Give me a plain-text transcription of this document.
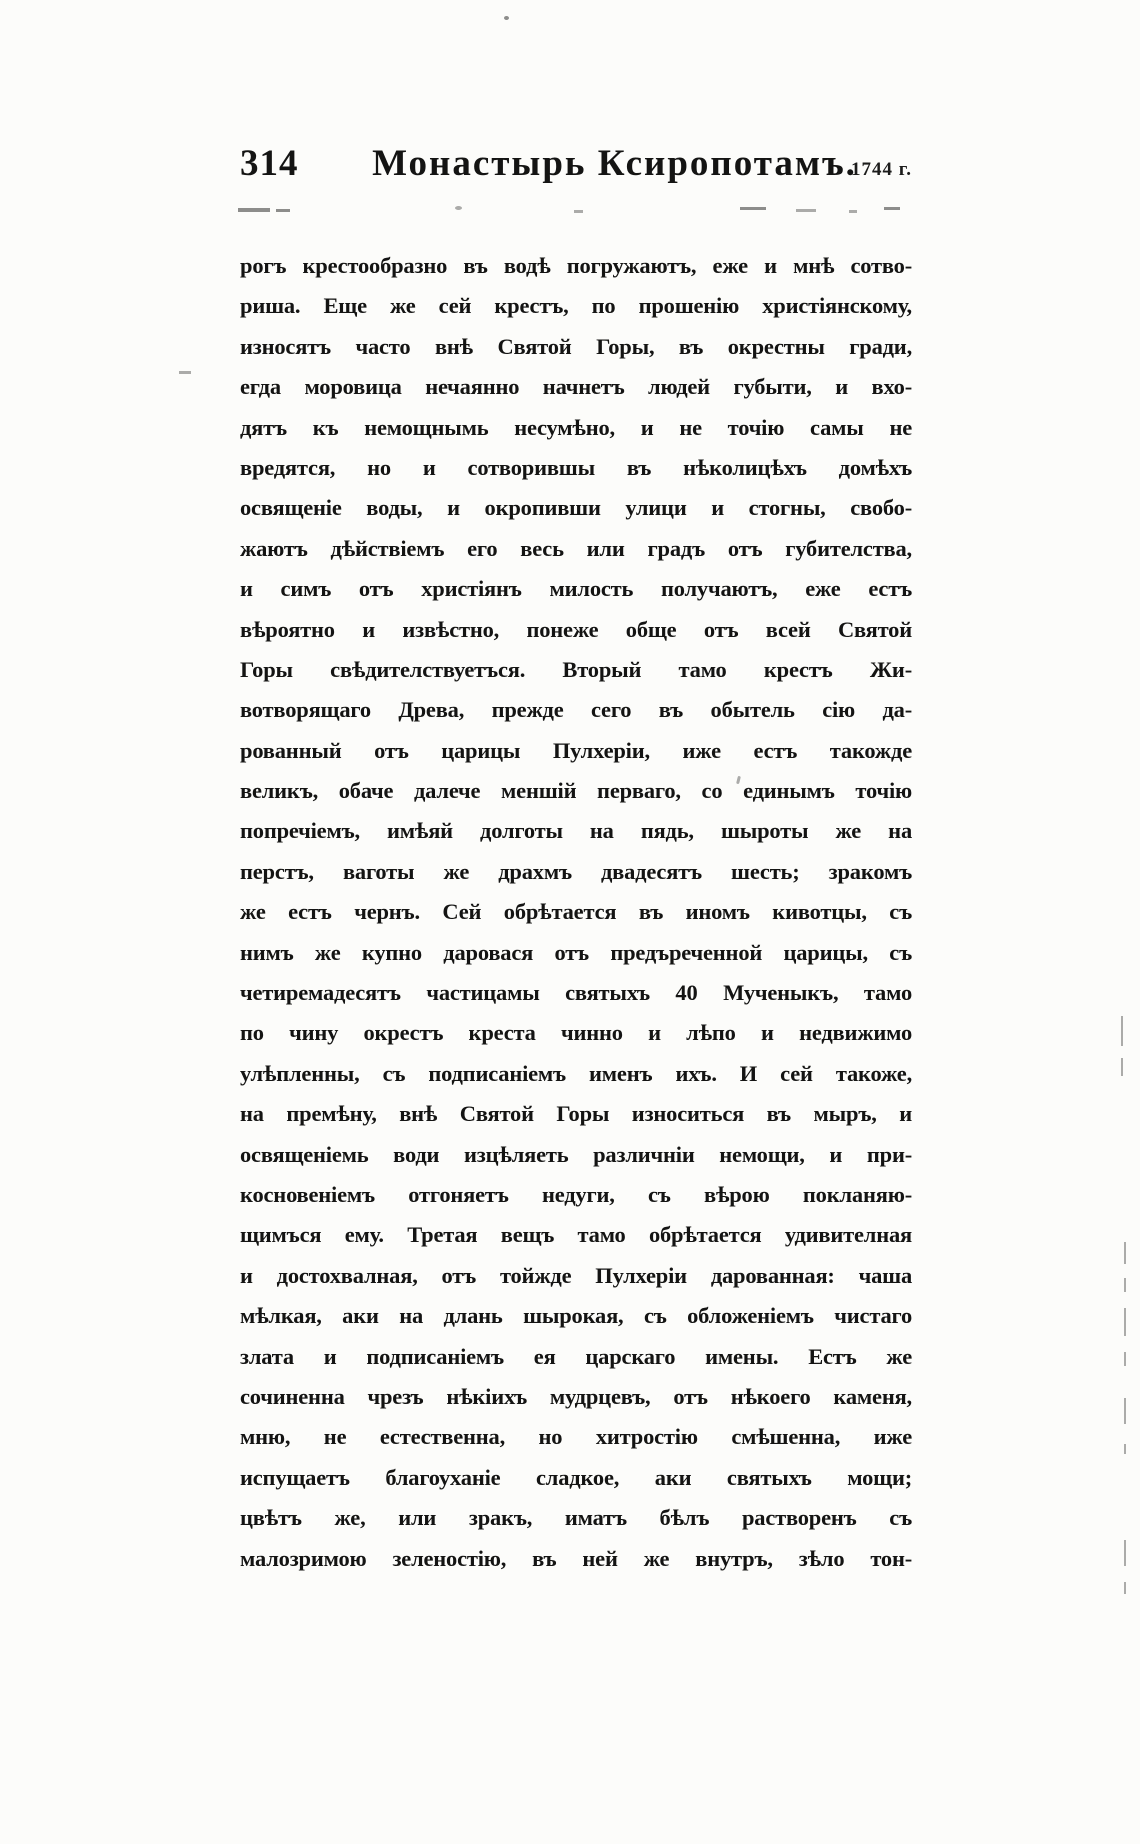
314	Монастырь Ксиропотамъ.
1744 г.
рогъ крестообразно въ водѣ погружаютъ, еже и мнѣ сотво-
риша. Еще же сей крестъ, по прошенію христіянскому,
износятъ часто внѣ Святой Горы, въ окрестны гради,
егда моровица нечаянно начнетъ людей губыти, и вхо-
дятъ къ немощнымь несумѣно, и не точію самы не
вредятся, но и сотворившы въ нѣколицѣхъ домѣхъ
освященіе воды, и окропивши улици и стогны, свобо-
жаютъ дѣйствіемъ его весь или градъ отъ губителства,
и симъ отъ христіянъ милость получаютъ, еже естъ
вѣроятно и извѣстно, понеже обще отъ всей Святой
Горы свѣдителствуетъся. Вторый тамо крестъ Жи-
вотворящаго Древа, прежде сего въ обытель сію да-
рованный отъ царицы Пулхеріи, иже естъ такожде
великъ, обаче далече меншій перваго, со единымъ точію
попречіемъ, имѣяй долготы на пядь, шыроты же на
перстъ, ваготы же драхмъ двадесятъ шесть; зракомъ
же естъ чернъ. Сей обрѣтается въ иномъ кивотцы, съ
нимъ же купно даровася отъ предъреченной царицы, съ
четиремадесятъ частицамы святыхъ 40 Мученыкъ, тамо
по чину окрестъ креста чинно и лѣпо и недвижимо
улѣпленны, съ подписаніемъ именъ ихъ. И сей такоже,
на премѣну, внѣ Святой Горы износиться въ мыръ, и
освященіемь води изцѣляеть различніи немощи, и при-
косновеніемъ отгоняетъ недуги, съ вѣрою покланяю-
щимъся ему. Третая вещъ тамо обрѣтается удивителная
и достохвалная, отъ тойжде Пулхеріи дарованная: чаша
мѣлкая, аки на длань шырокая, съ обложеніемъ чистаго
злата и подписаніемъ ея царскаго имены. Естъ же
сочиненна чрезъ нѣкіихъ мудрцевъ, отъ нѣкоего каменя,
мню, не естественна, но хитростію смѣшенна, иже
испущаетъ благоуханіе сладкое, аки святыхъ мощи;
цвѣтъ же, или зракъ, иматъ бѣлъ растворенъ съ
малозримою зеленостію, въ ней же внутръ, зѣло тон-
